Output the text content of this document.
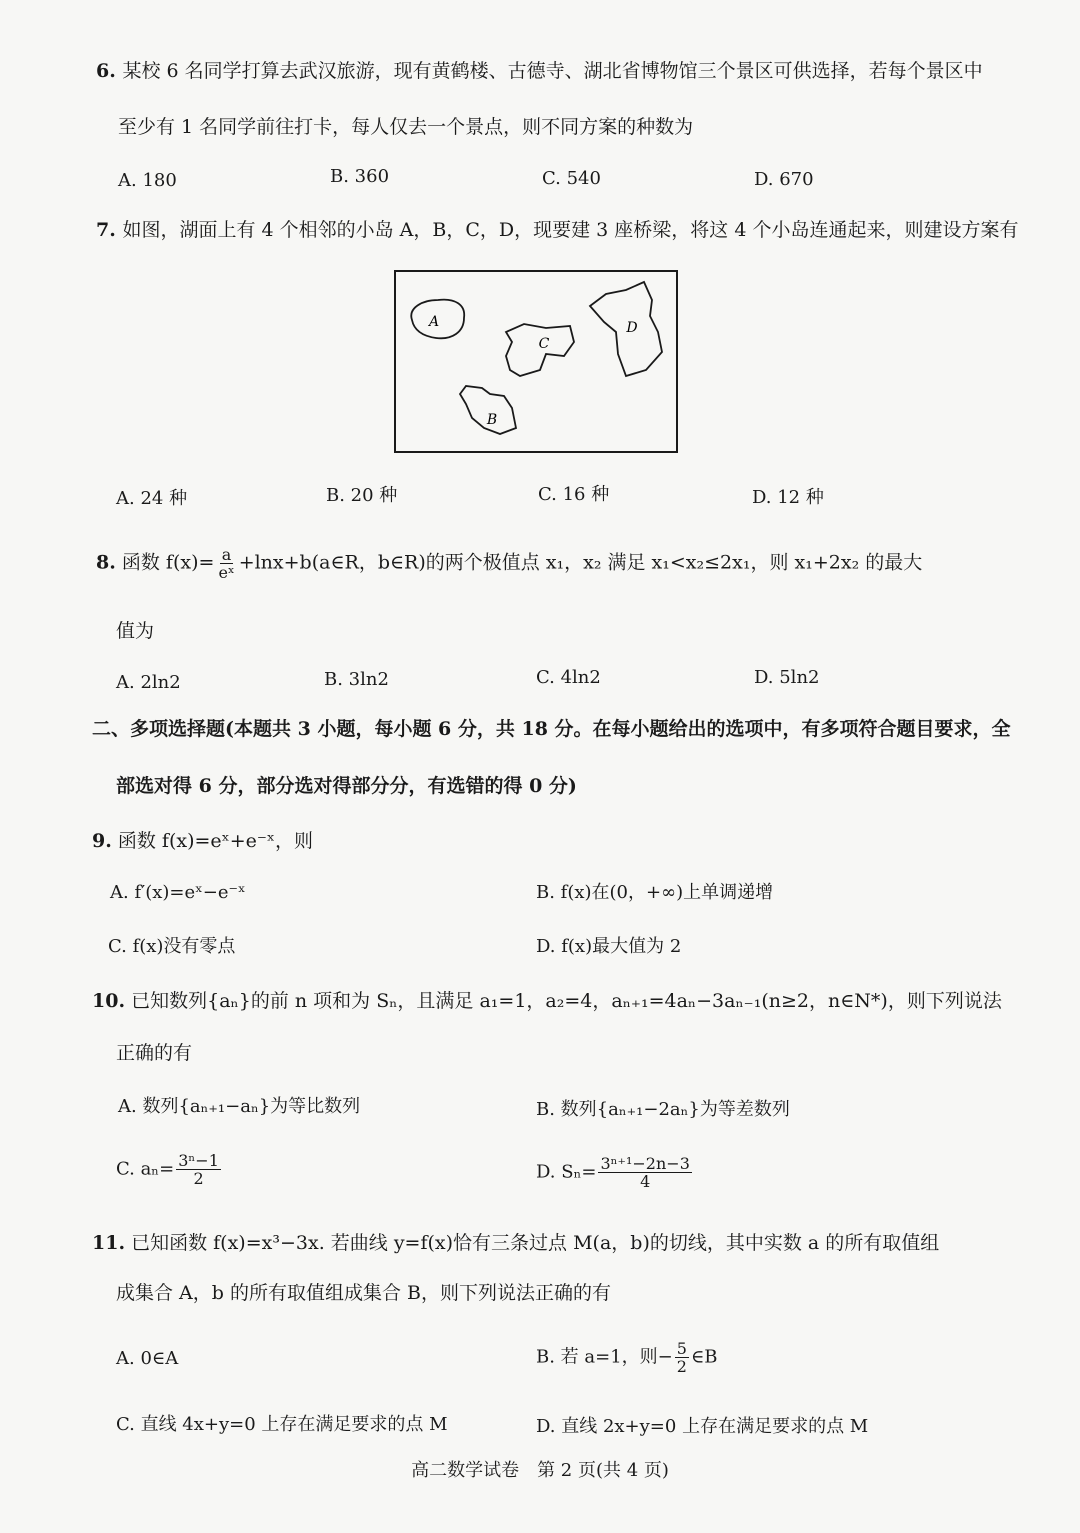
6. 某校 6 名同学打算去武汉旅游，现有黄鹤楼、古德寺、湖北省博物馆三个景区可供选择，若每个景区中
至少有 1 名同学前往打卡，每人仅去一个景点，则不同方案的种数为
A. 180	B. 360	C. 540	D. 670
7. 如图，湖面上有 4 个相邻的小岛 A，B，C，D，现要建 3 座桥梁，将这 4 个小岛连通起来，则建设方案有
A
C
D
B
A. 24 种	B. 20 种	C. 16 种	D. 12 种
8. 函数 $f(x)= \frac{a}{\text{eˣ}}$ +lnx+b(a∈R，b∈R)的两个极值点 x₁，x₂ 满足 x₁<x₂≤2x₁，则 x₁+2x₂ 的最大
值为
A. 2ln2	B. 3ln2	C. 4ln2	D. 5ln2
二、多项选择题(本题共 3 小题，每小题 6 分，共 18 分。在每小题给出的选项中，有多项符合题目要求，全
部选对得 6 分，部分选对得部分分，有选错的得 0 分)
9. 函数 f(x)=eˣ+e⁻ˣ，则
A. f′(x)=eˣ−e⁻ˣ	B. f(x)在(0，+∞)上单调递增
C. f(x)没有零点	D. f(x)最大值为 2
10. 已知数列{aₙ}的前 n 项和为 Sₙ，且满足 a₁=1，a₂=4，aₙ₊₁=4aₙ−3aₙ₋₁(n≥2，n∈N*)，则下列说法
正确的有
A. 数列{aₙ₊₁−aₙ}为等比数列	B. 数列{aₙ₊₁−2aₙ}为等差数列
C. $a_n= \frac{\text{3ⁿ−1}}{2}$	D. $S_n= \frac{\text{3ⁿ⁺¹−2n−3}}{4}$
11. 已知函数 f(x)=x³−3x. 若曲线 y=f(x)恰有三条过点 M(a，b)的切线，其中实数 a 的所有取值组
成集合 A，b 的所有取值组成集合 B，则下列说法正确的有
A. 0∈A	B. 若 a=1，则− $\frac{5}{2}$ ∈B
C. 直线 4x+y=0 上存在满足要求的点 M	D. 直线 2x+y=0 上存在满足要求的点 M
高二数学试卷　第 2 页(共 4 页)
